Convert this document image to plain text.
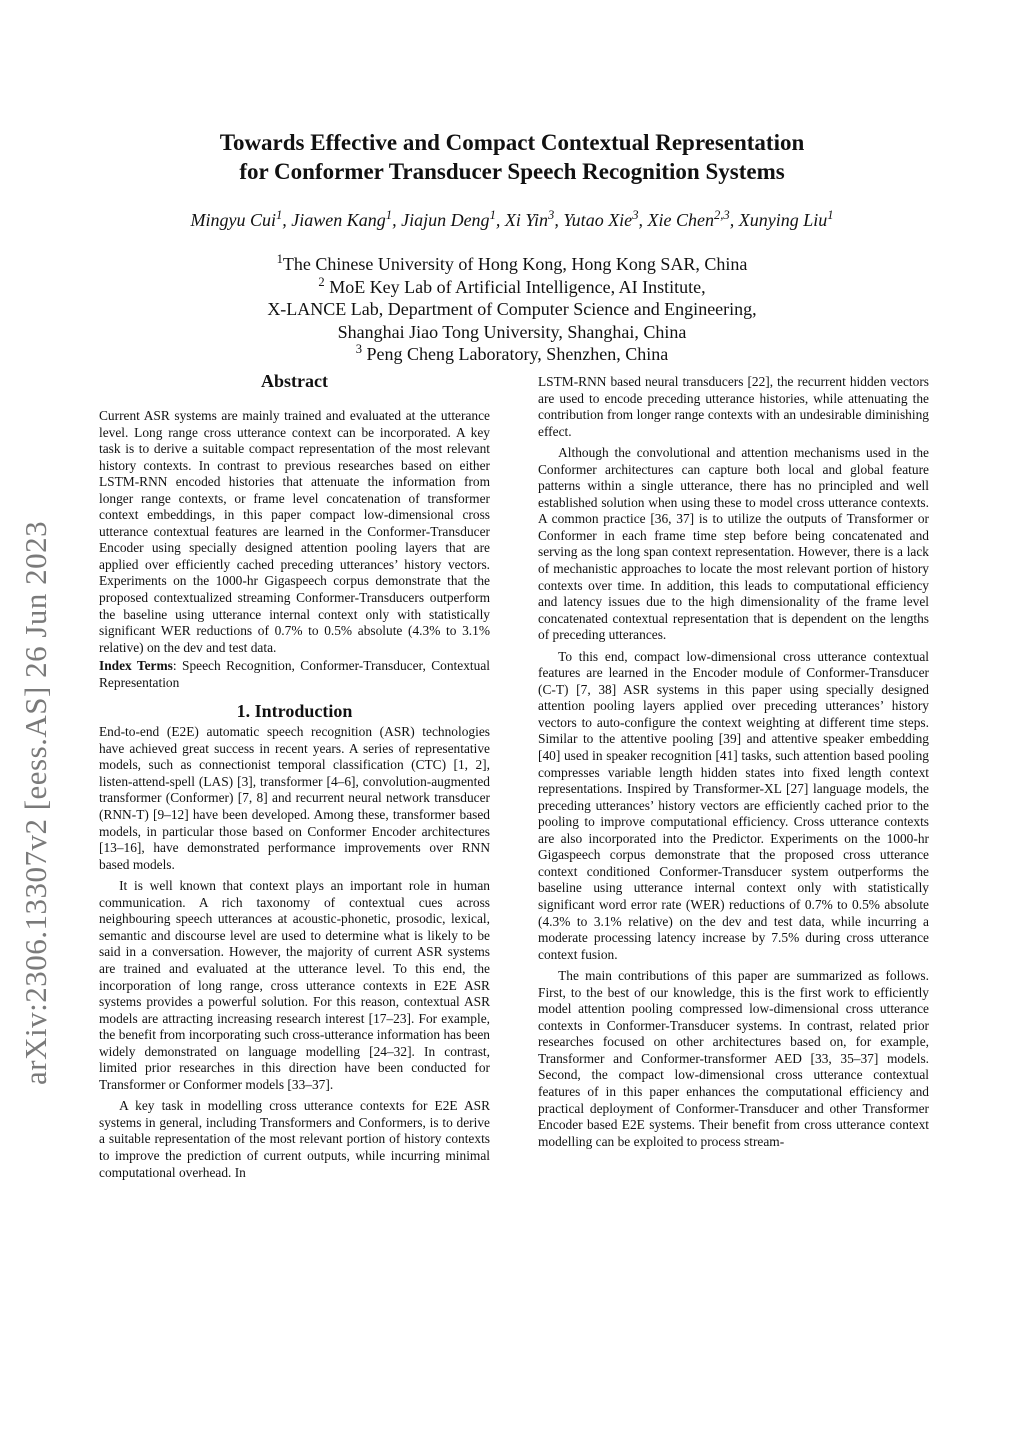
arXiv:2306.13307v2 [eess.AS] 26 Jun 2023
Towards Effective and Compact Contextual Representation
for Conformer Transducer Speech Recognition Systems
Mingyu Cui$^1$, Jiawen Kang$^1$, Jiajun Deng$^1$, Xi Yin$^3$, Yutao Xie$^3$, Xie Chen$^{2,3}$, Xunying Liu$^1$
$^1$The Chinese University of Hong Kong, Hong Kong SAR, China
$^2$ MoE Key Lab of Artificial Intelligence, AI Institute,
X-LANCE Lab, Department of Computer Science and Engineering,
Shanghai Jiao Tong University, Shanghai, China
$^3$ Peng Cheng Laboratory, Shenzhen, China
Abstract

Current ASR systems are mainly trained and evaluated at the utterance level. Long range cross utterance context can be incorporated. A key task is to derive a suitable compact representation of the most relevant history contexts. In contrast to previous researches based on either LSTM-RNN encoded histories that attenuate the information from longer range contexts, or frame level concatenation of transformer context embeddings, in this paper compact low-dimensional cross utterance contextual features are learned in the Conformer-Transducer Encoder using specially designed attention pooling layers that are applied over efficiently cached preceding utterances’ history vectors. Experiments on the 1000-hr Gigaspeech corpus demonstrate that the proposed contextualized streaming Conformer-Transducers outperform the baseline using utterance internal context only with statistically significant WER reductions of 0.7% to 0.5% absolute (4.3% to 3.1% relative) on the dev and test data.

Index Terms: Speech Recognition, Conformer-Transducer, Contextual Representation

1. Introduction

End-to-end (E2E) automatic speech recognition (ASR) technologies have achieved great success in recent years. A series of representative models, such as connectionist temporal classification (CTC) [1, 2], listen-attend-spell (LAS) [3], transformer [4–6], convolution-augmented transformer (Conformer) [7, 8] and recurrent neural network transducer (RNN-T) [9–12] have been developed. Among these, transformer based models, in particular those based on Conformer Encoder architectures [13–16], have demonstrated performance improvements over RNN based models.

It is well known that context plays an important role in human communication. A rich taxonomy of contextual cues across neighbouring speech utterances at acoustic-phonetic, prosodic, lexical, semantic and discourse level are used to determine what is likely to be said in a conversation. However, the majority of current ASR systems are trained and evaluated at the utterance level. To this end, the incorporation of long range, cross utterance contexts in E2E ASR systems provides a powerful solution. For this reason, contextual ASR models are attracting increasing research interest [17–23]. For example, the benefit from incorporating such cross-utterance information has been widely demonstrated on language modelling [24–32]. In contrast, limited prior researches in this direction have been conducted for Transformer or Conformer models [33–37].

A key task in modelling cross utterance contexts for E2E ASR systems in general, including Transformers and Conformers, is to derive a suitable representation of the most relevant portion of history contexts to improve the prediction of current outputs, while incurring minimal computational overhead. In

LSTM-RNN based neural transducers [22], the recurrent hidden vectors are used to encode preceding utterance histories, while attenuating the contribution from longer range contexts with an undesirable diminishing effect.

Although the convolutional and attention mechanisms used in the Conformer architectures can capture both local and global feature patterns within a single utterance, there has no principled and well established solution when using these to model cross utterance contexts. A common practice [36, 37] is to utilize the outputs of Transformer or Conformer in each frame time step before being concatenated and serving as the long span context representation. However, there is a lack of mechanistic approaches to locate the most relevant portion of history contexts over time. In addition, this leads to computational efficiency and latency issues due to the high dimensionality of the frame level concatenated contextual representation that is dependent on the lengths of preceding utterances.

To this end, compact low-dimensional cross utterance contextual features are learned in the Encoder module of Conformer-Transducer (C-T) [7, 38] ASR systems in this paper using specially designed attention pooling layers applied over preceding utterances’ history vectors to auto-configure the context weighting at different time steps. Similar to the attentive pooling [39] and attentive speaker embedding [40] used in speaker recognition [41] tasks, such attention based pooling compresses variable length hidden states into fixed length context representations. Inspired by Transformer-XL [27] language models, the preceding utterances’ history vectors are efficiently cached prior to the pooling to improve computational efficiency. Cross utterance contexts are also incorporated into the Predictor. Experiments on the 1000-hr Gigaspeech corpus demonstrate that the proposed cross utterance context conditioned Conformer-Transducer system outperforms the baseline using utterance internal context only with statistically significant word error rate (WER) reductions of 0.7% to 0.5% absolute (4.3% to 3.1% relative) on the dev and test data, while incurring a moderate processing latency increase by 7.5% during cross utterance context fusion.

The main contributions of this paper are summarized as follows. First, to the best of our knowledge, this is the first work to efficiently model attention pooling compressed low-dimensional cross utterance contexts in Conformer-Transducer systems. In contrast, related prior researches focused on other architectures based on, for example, Transformer and Conformer-transformer AED [33, 35–37] models. Second, the compact low-dimensional cross utterance contextual features of in this paper enhances the computational efficiency and practical deployment of Conformer-Transducer and other Transformer Encoder based E2E systems. Their benefit from cross utterance context modelling can be exploited to process stream-
